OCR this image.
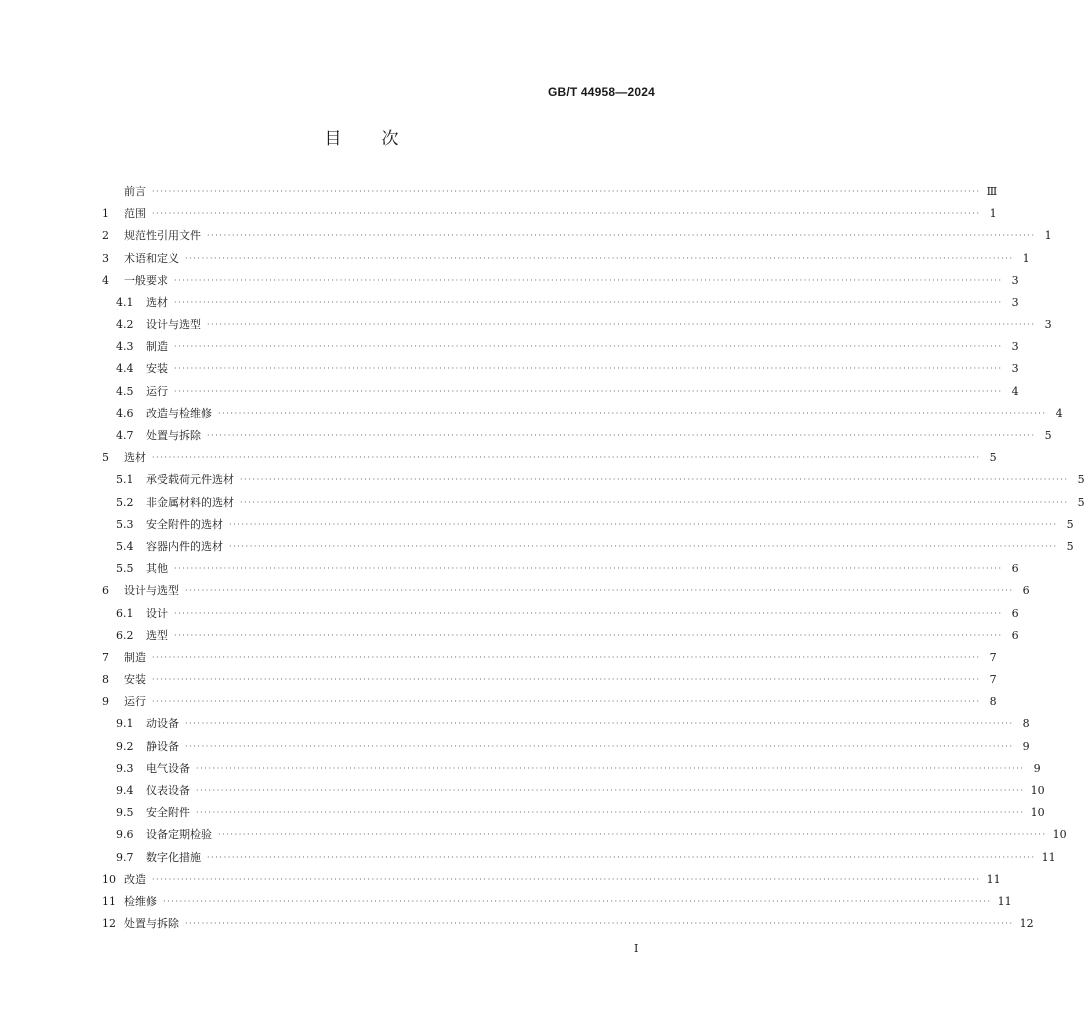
GB/T 44958—2024
目次
前言 ········································································································································································································ Ⅲ
1	范围 ········································································································································································································ 1
2	规范性引用文件 ········································································································································································································ 1
3	术语和定义 ········································································································································································································ 1
4	一般要求 ········································································································································································································ 3
4.1	选材 ········································································································································································································ 3
4.2	设计与选型 ········································································································································································································ 3
4.3	制造 ········································································································································································································ 3
4.4	安装 ········································································································································································································ 3
4.5	运行 ········································································································································································································ 4
4.6	改造与检维修 ········································································································································································································ 4
4.7	处置与拆除 ········································································································································································································ 5
5	选材 ········································································································································································································ 5
5.1	承受载荷元件选材 ········································································································································································································ 5
5.2	非金属材料的选材 ········································································································································································································ 5
5.3	安全附件的选材 ········································································································································································································ 5
5.4	容器内件的选材 ········································································································································································································ 5
5.5	其他 ········································································································································································································ 6
6	设计与选型 ········································································································································································································ 6
6.1	设计 ········································································································································································································ 6
6.2	选型 ········································································································································································································ 6
7	制造 ········································································································································································································ 7
8	安装 ········································································································································································································ 7
9	运行 ········································································································································································································ 8
9.1	动设备 ········································································································································································································ 8
9.2	静设备 ········································································································································································································ 9
9.3	电气设备 ········································································································································································································ 9
9.4	仪表设备 ········································································································································································································ 10
9.5	安全附件 ········································································································································································································ 10
9.6	设备定期检验 ········································································································································································································ 10
9.7	数字化措施 ········································································································································································································ 11
10 改造 ········································································································································································································ 11
11 检维修 ········································································································································································································ 11
12 处置与拆除 ········································································································································································································ 12
I
